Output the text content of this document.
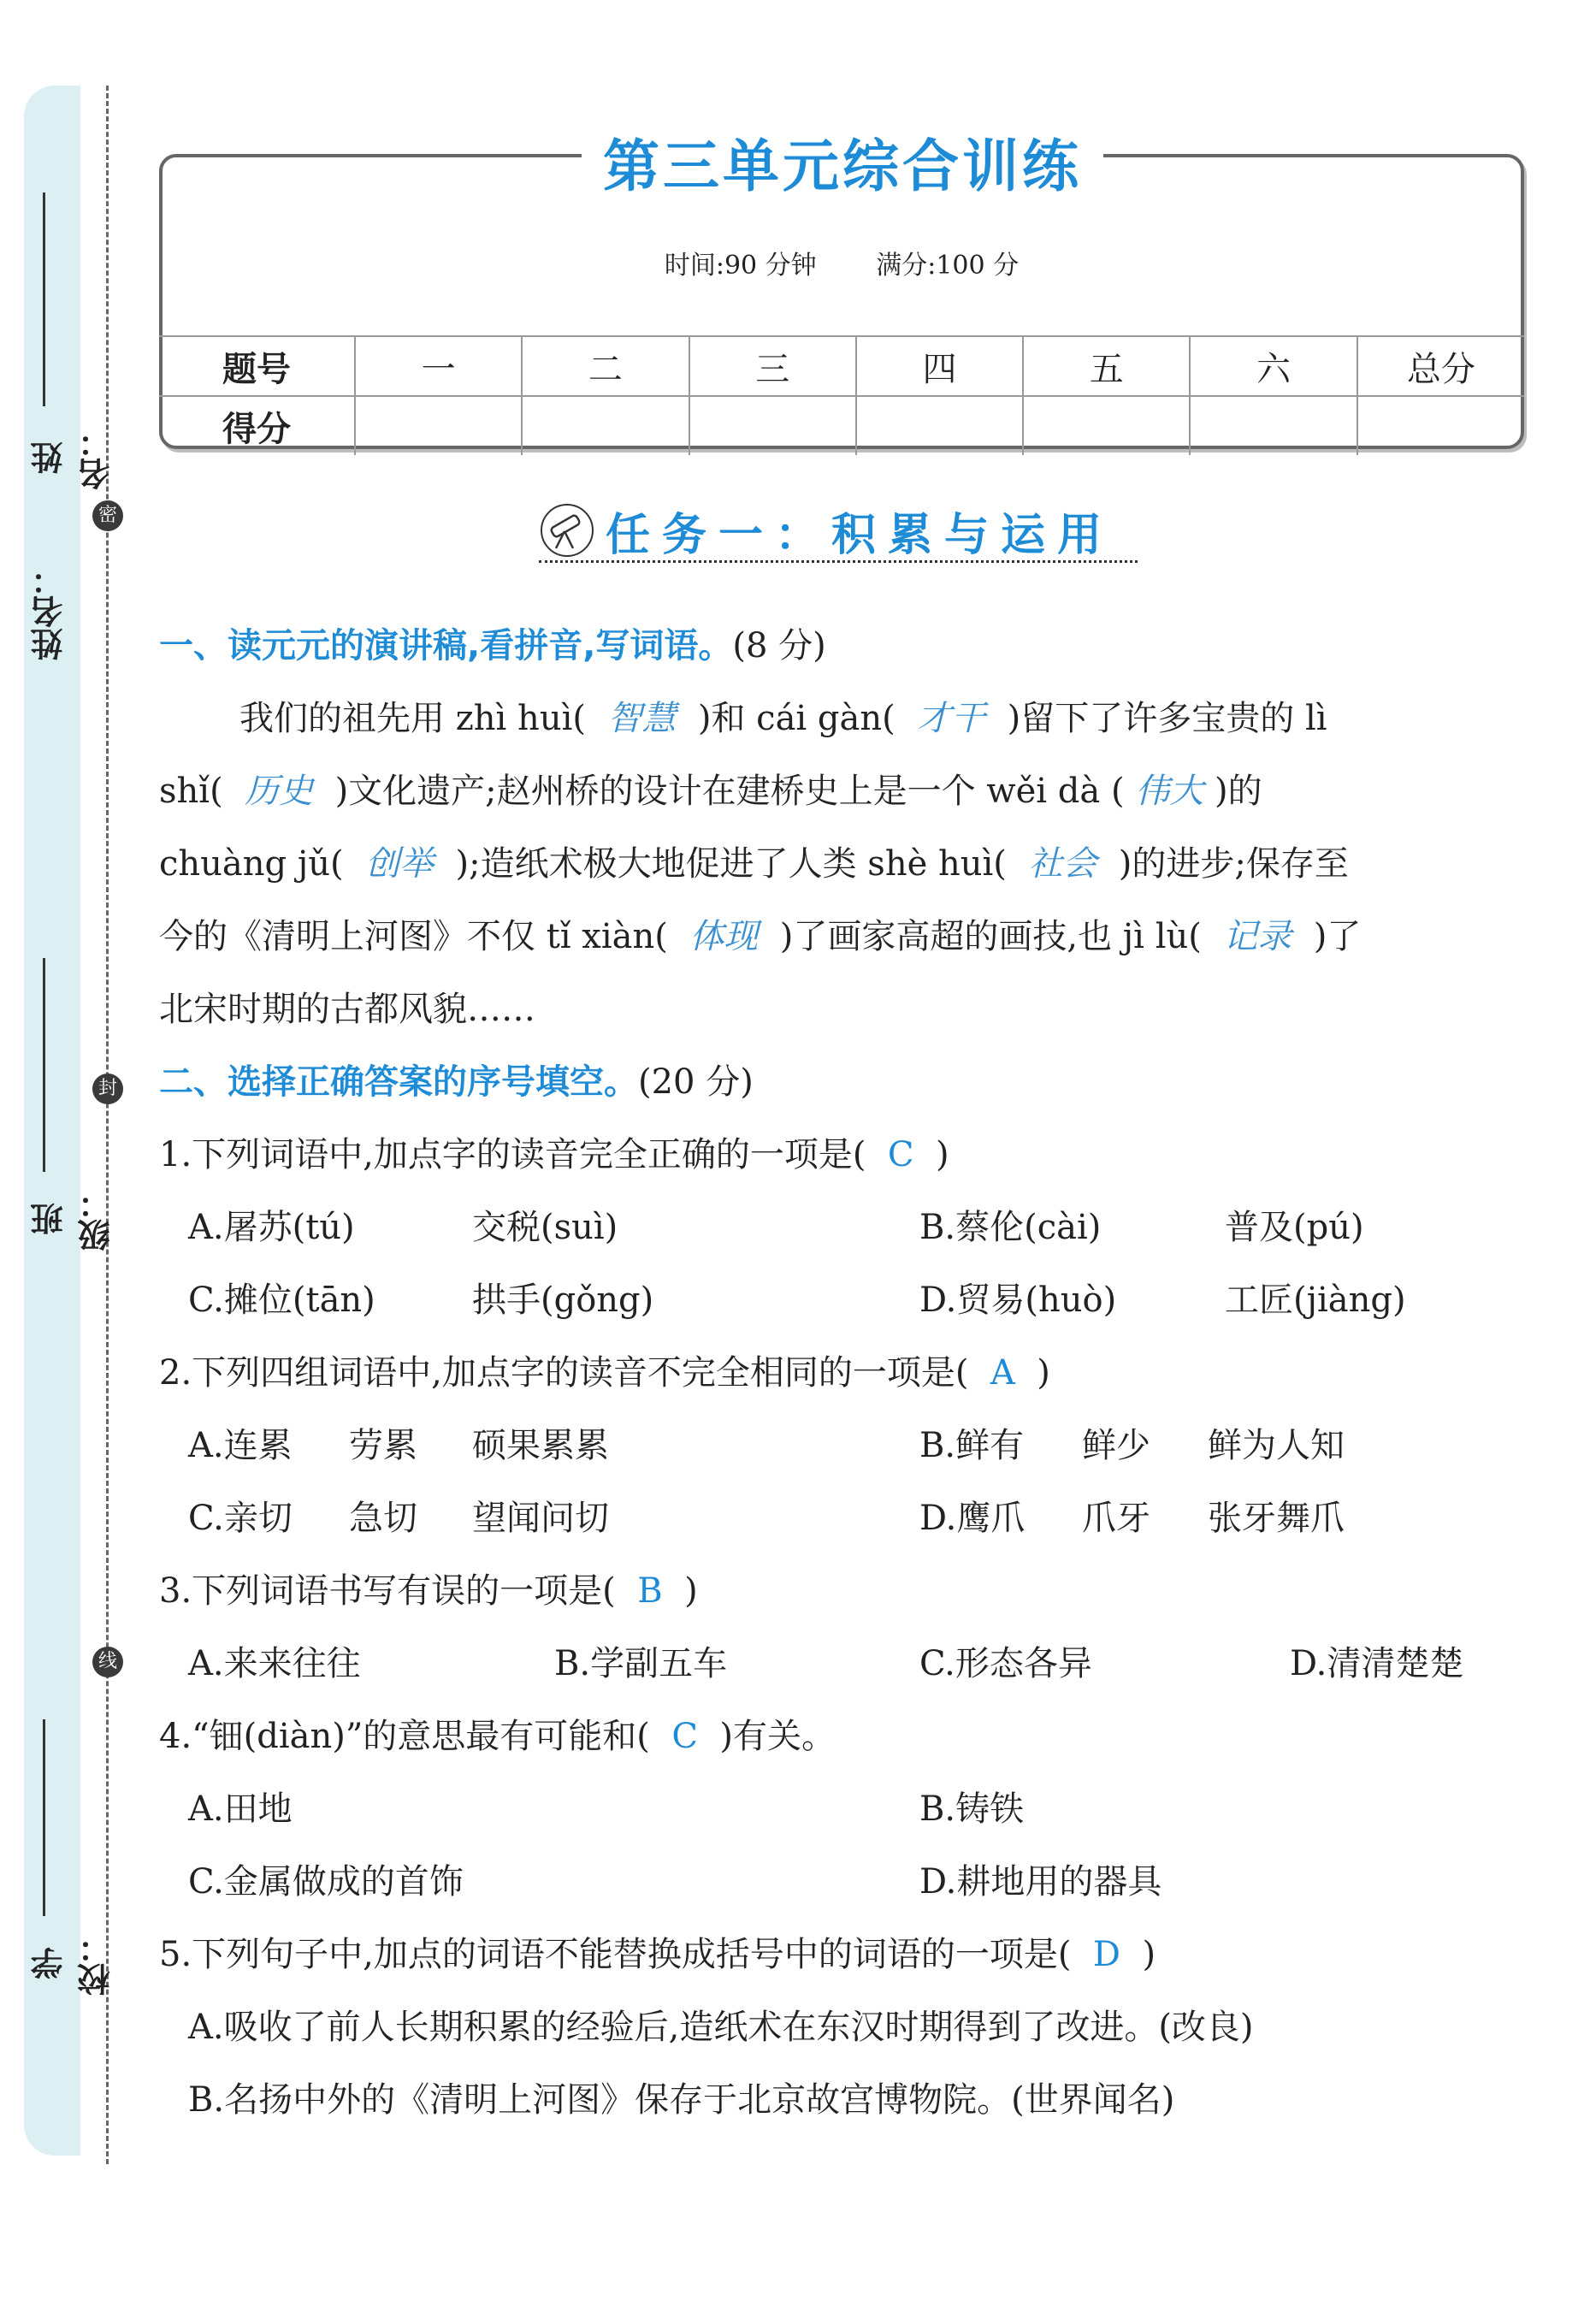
姓名：
姓名：
班级：
学校：
密
封
线
第三单元综合训练
时间:90 分钟 满分:100 分
题号	一	二	三	四	五	六	总分
得分							
任务一：积累与运用
一、读元元的演讲稿,看拼音,写词语。(8 分)
我们的祖先用 zhì huì( 智慧 )和 cái gàn( 才干 )留下了许多宝贵的 lì
shǐ( 历史 )文化遗产;赵州桥的设计在建桥史上是一个 wěi dà ( 伟大 )的
chuàng jǔ( 创举 );造纸术极大地促进了人类 shè huì( 社会 )的进步;保存至
今的《清明上河图》不仅 tǐ xiàn( 体现 )了画家高超的画技,也 jì lù( 记录 )了
北宋时期的古都风貌……
二、选择正确答案的序号填空。(20 分)
1.下列词语中,加点字的读音完全正确的一项是( C )
A.屠苏(tú)	交税(suì)	B.蔡伦(cài)	普及(pú)
C.摊位(tān)	拱手(gǒng)	D.贸易(huò)	工匠(jiàng)
2.下列四组词语中,加点字的读音不完全相同的一项是( A )
A.连累 劳累 硕果累累	B.鲜有 鲜少 鲜为人知
C.亲切 急切 望闻问切	D.鹰爪 爪牙 张牙舞爪
3.下列词语书写有误的一项是( B )
A.来来往往	B.学副五车	C.形态各异	D.清清楚楚
4.“钿(diàn)”的意思最有可能和( C )有关。
A.田地	B.铸铁
C.金属做成的首饰	D.耕地用的器具
5.下列句子中,加点的词语不能替换成括号中的词语的一项是( D )
A.吸收了前人长期积累的经验后,造纸术在东汉时期得到了改进。(改良)
B.名扬中外的《清明上河图》保存于北京故宫博物院。(世界闻名)
